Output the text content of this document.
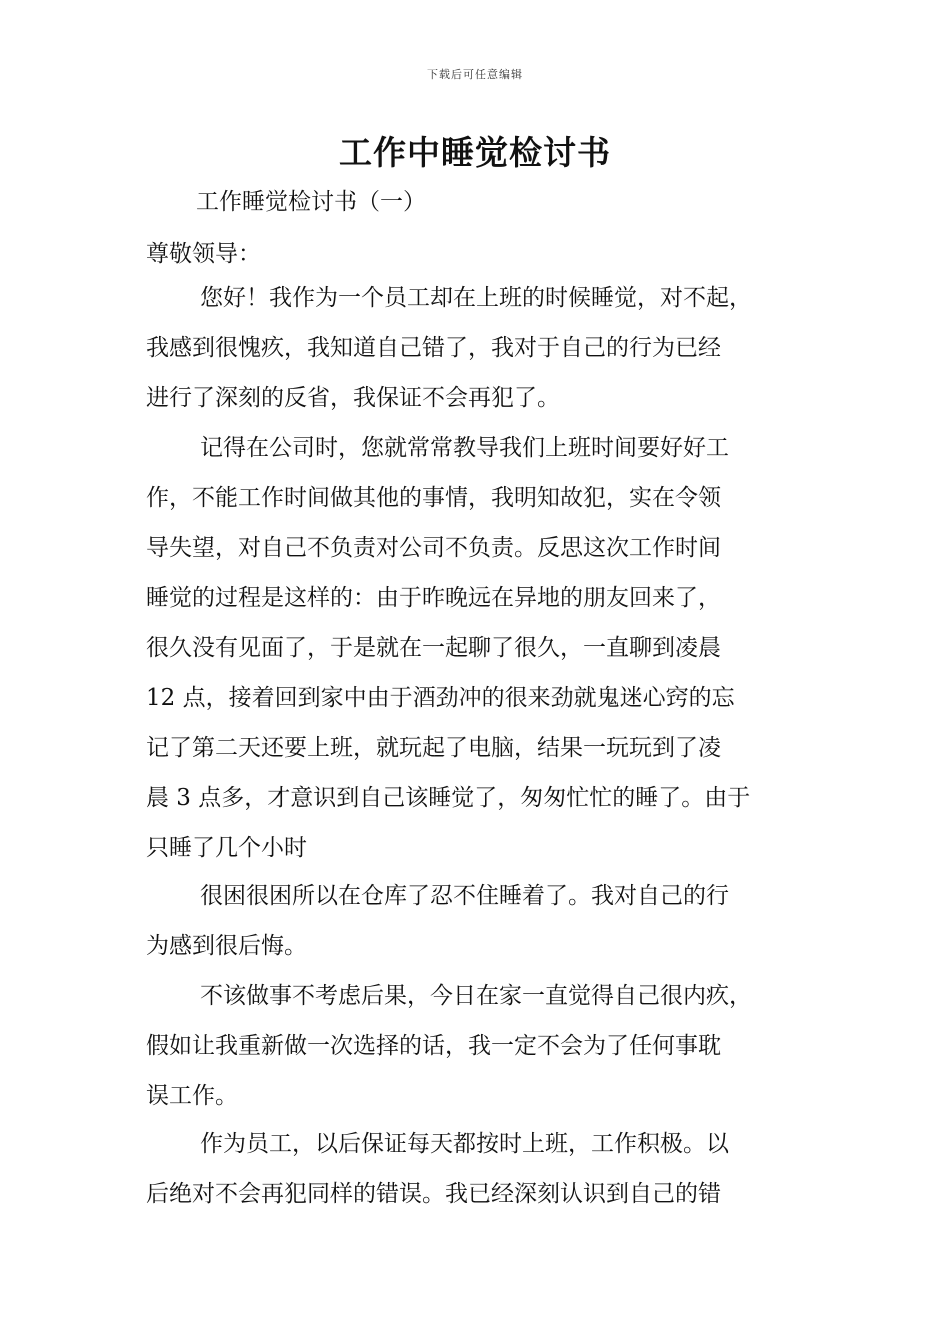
下载后可任意编辑
工作中睡觉检讨书

工作睡觉检讨书（一）

尊敬领导：

您好！我作为一个员工却在上班的时候睡觉，对不起，
我感到很愧疚，我知道自己错了，我对于自己的行为已经
进行了深刻的反省，我保证不会再犯了。
记得在公司时，您就常常教导我们上班时间要好好工
作，不能工作时间做其他的事情，我明知故犯，实在令领
导失望，对自己不负责对公司不负责。反思这次工作时间
睡觉的过程是这样的：由于昨晚远在异地的朋友回来了，
很久没有见面了，于是就在一起聊了很久，一直聊到凌晨
12 点，接着回到家中由于酒劲冲的很来劲就鬼迷心窍的忘
记了第二天还要上班，就玩起了电脑，结果一玩玩到了凌
晨 3 点多，才意识到自己该睡觉了，匆匆忙忙的睡了。由于
只睡了几个小时
很困很困所以在仓库了忍不住睡着了。我对自己的行
为感到很后悔。
不该做事不考虑后果，今日在家一直觉得自己很内疚，
假如让我重新做一次选择的话，我一定不会为了任何事耽
误工作。
作为员工，以后保证每天都按时上班，工作积极。以
后绝对不会再犯同样的错误。我已经深刻认识到自己的错
